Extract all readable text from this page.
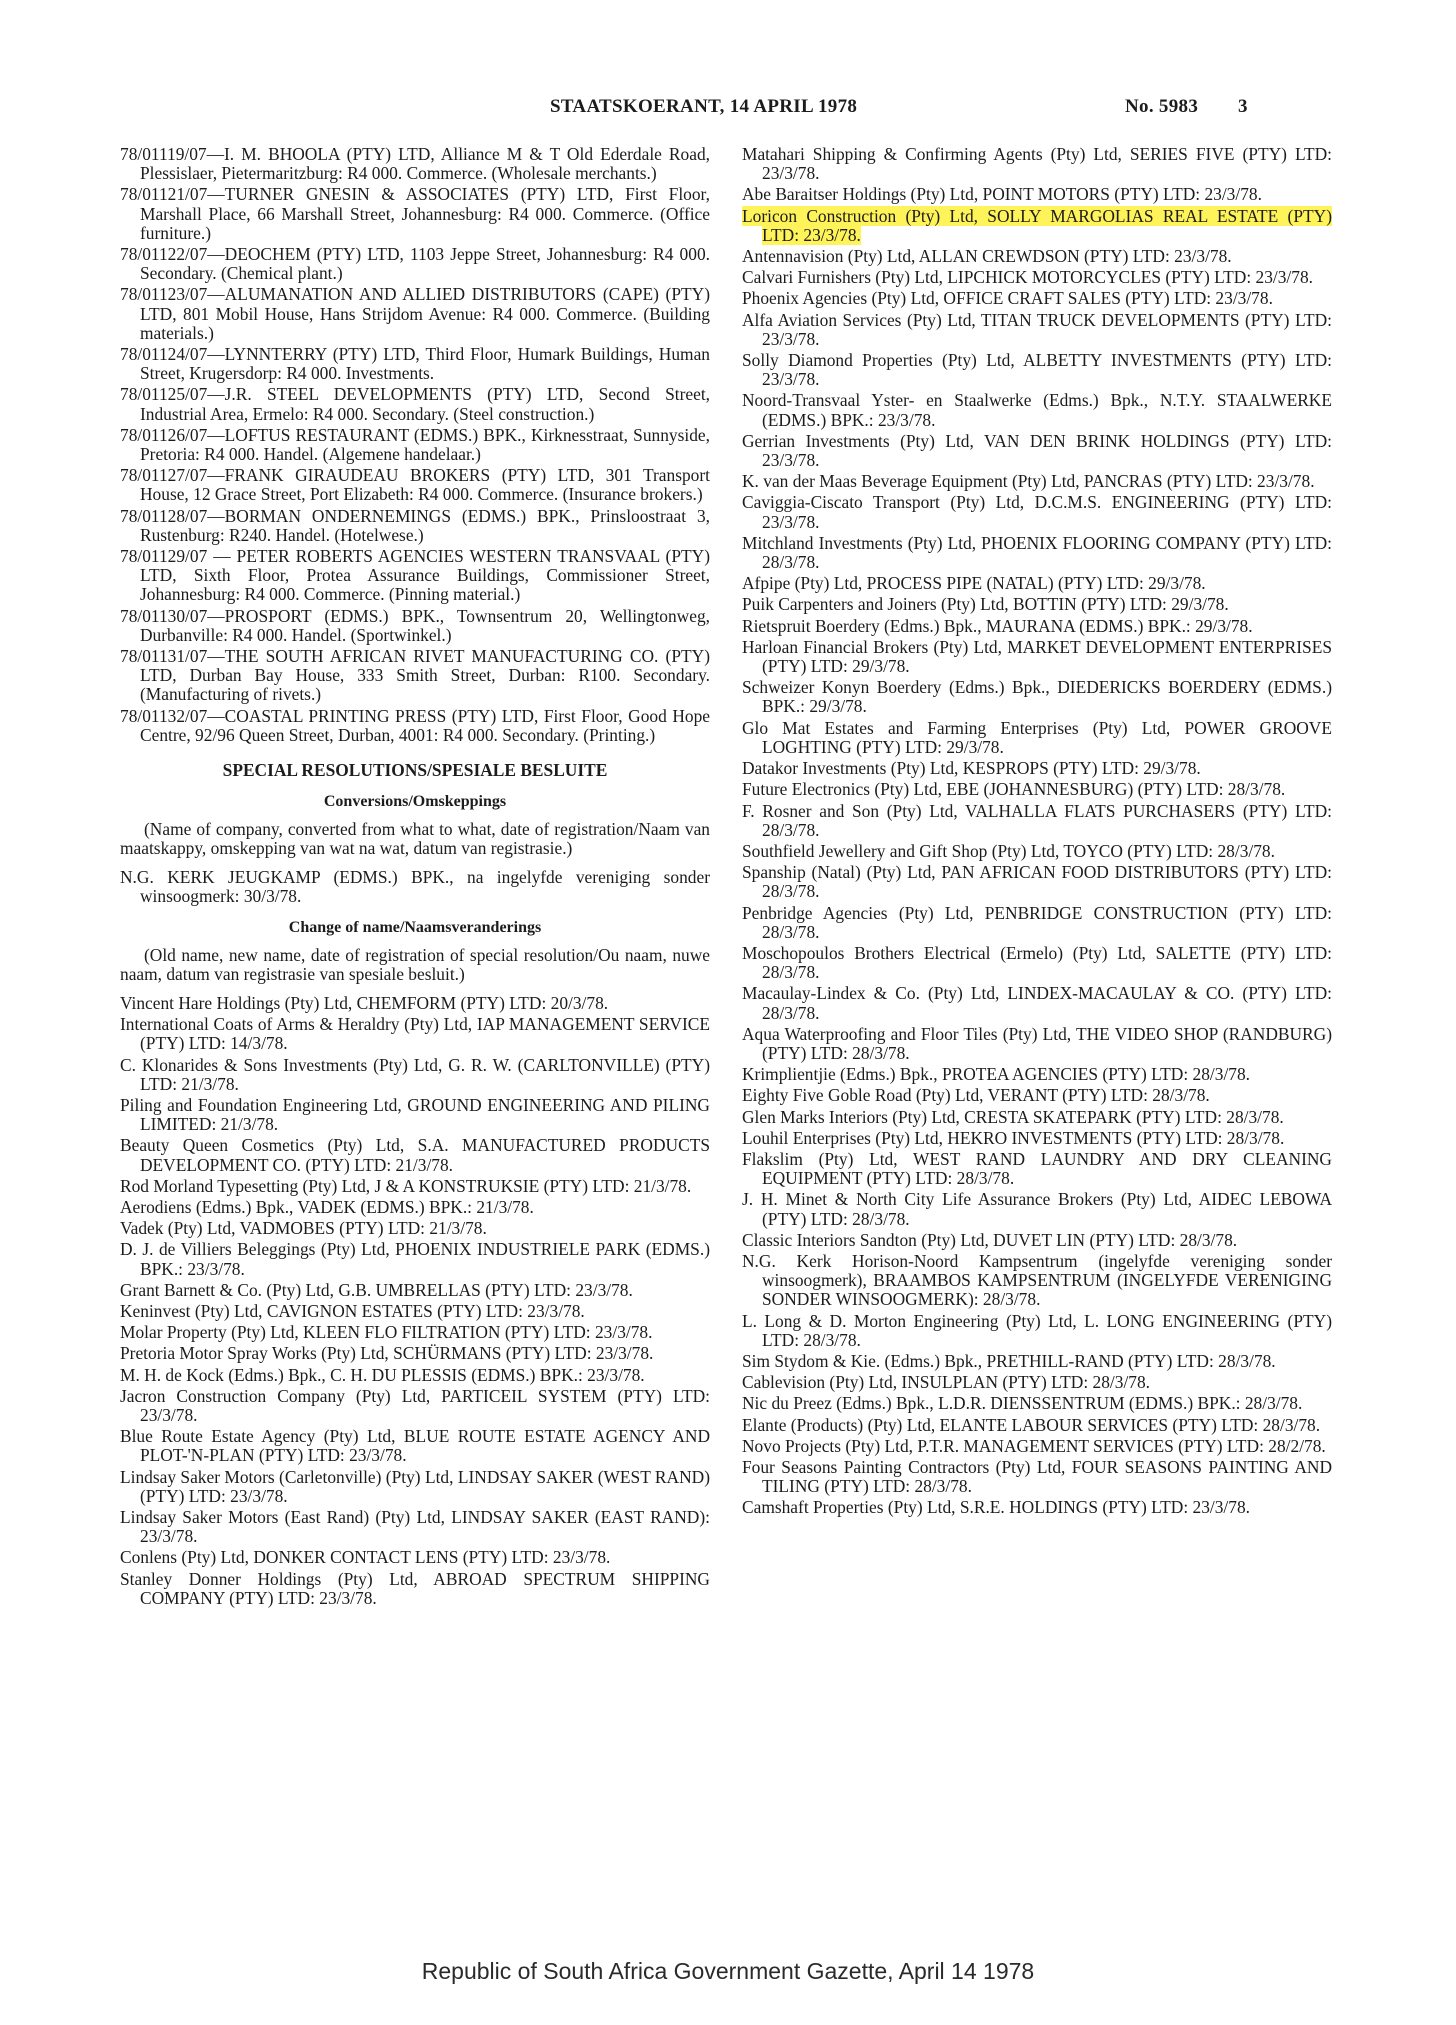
STAATSKOERANT, 14 APRIL 1978	No. 5983 3
78/01119/07—I. M. BHOOLA (PTY) LTD, Alliance M & T Old Ederdale Road, Plessislaer, Pietermaritzburg: R4 000. Commerce. (Wholesale merchants.)
78/01121/07—TURNER GNESIN & ASSOCIATES (PTY) LTD, First Floor, Marshall Place, 66 Marshall Street, Johannesburg: R4 000. Commerce. (Office furniture.)
78/01122/07—DEOCHEM (PTY) LTD, 1103 Jeppe Street, Johannesburg: R4 000. Secondary. (Chemical plant.)
78/01123/07—ALUMANATION AND ALLIED DISTRIBUTORS (CAPE) (PTY) LTD, 801 Mobil House, Hans Strijdom Avenue: R4 000. Commerce. (Building materials.)
78/01124/07—LYNNTERRY (PTY) LTD, Third Floor, Humark Buildings, Human Street, Krugersdorp: R4 000. Investments.
78/01125/07—J.R. STEEL DEVELOPMENTS (PTY) LTD, Second Street, Industrial Area, Ermelo: R4 000. Secondary. (Steel construction.)
78/01126/07—LOFTUS RESTAURANT (EDMS.) BPK., Kirknesstraat, Sunnyside, Pretoria: R4 000. Handel. (Algemene handelaar.)
78/01127/07—FRANK GIRAUDEAU BROKERS (PTY) LTD, 301 Transport House, 12 Grace Street, Port Elizabeth: R4 000. Commerce. (Insurance brokers.)
78/01128/07—BORMAN ONDERNEMINGS (EDMS.) BPK., Prinsloostraat 3, Rustenburg: R240. Handel. (Hotelwese.)
78/01129/07 — PETER ROBERTS AGENCIES WESTERN TRANSVAAL (PTY) LTD, Sixth Floor, Protea Assurance Buildings, Commissioner Street, Johannesburg: R4 000. Commerce. (Pinning material.)
78/01130/07—PROSPORT (EDMS.) BPK., Townsentrum 20, Wellingtonweg, Durbanville: R4 000. Handel. (Sportwinkel.)
78/01131/07—THE SOUTH AFRICAN RIVET MANUFACTURING CO. (PTY) LTD, Durban Bay House, 333 Smith Street, Durban: R100. Secondary. (Manufacturing of rivets.)
78/01132/07—COASTAL PRINTING PRESS (PTY) LTD, First Floor, Good Hope Centre, 92/96 Queen Street, Durban, 4001: R4 000. Secondary. (Printing.)
SPECIAL RESOLUTIONS/SPESIALE BESLUITE
Conversions/Omskeppings
(Name of company, converted from what to what, date of registration/Naam van maatskappy, omskepping van wat na wat, datum van registrasie.)
N.G. KERK JEUGKAMP (EDMS.) BPK., na ingelyfde vereniging sonder winsoogmerk: 30/3/78.
Change of name/Naamsveranderings
(Old name, new name, date of registration of special resolution/Ou naam, nuwe naam, datum van registrasie van spesiale besluit.)
Vincent Hare Holdings (Pty) Ltd, CHEMFORM (PTY) LTD: 20/3/78.
International Coats of Arms & Heraldry (Pty) Ltd, IAP MANAGEMENT SERVICE (PTY) LTD: 14/3/78.
C. Klonarides & Sons Investments (Pty) Ltd, G. R. W. (CARLTONVILLE) (PTY) LTD: 21/3/78.
Piling and Foundation Engineering Ltd, GROUND ENGINEERING AND PILING LIMITED: 21/3/78.
Beauty Queen Cosmetics (Pty) Ltd, S.A. MANUFACTURED PRODUCTS DEVELOPMENT CO. (PTY) LTD: 21/3/78.
Rod Morland Typesetting (Pty) Ltd, J & A KONSTRUKSIE (PTY) LTD: 21/3/78.
Aerodiens (Edms.) Bpk., VADEK (EDMS.) BPK.: 21/3/78.
Vadek (Pty) Ltd, VADMOBES (PTY) LTD: 21/3/78.
D. J. de Villiers Beleggings (Pty) Ltd, PHOENIX INDUSTRIELE PARK (EDMS.) BPK.: 23/3/78.
Grant Barnett & Co. (Pty) Ltd, G.B. UMBRELLAS (PTY) LTD: 23/3/78.
Keninvest (Pty) Ltd, CAVIGNON ESTATES (PTY) LTD: 23/3/78.
Molar Property (Pty) Ltd, KLEEN FLO FILTRATION (PTY) LTD: 23/3/78.
Pretoria Motor Spray Works (Pty) Ltd, SCHÜRMANS (PTY) LTD: 23/3/78.
M. H. de Kock (Edms.) Bpk., C. H. DU PLESSIS (EDMS.) BPK.: 23/3/78.
Jacron Construction Company (Pty) Ltd, PARTICEIL SYSTEM (PTY) LTD: 23/3/78.
Blue Route Estate Agency (Pty) Ltd, BLUE ROUTE ESTATE AGENCY AND PLOT-'N-PLAN (PTY) LTD: 23/3/78.
Lindsay Saker Motors (Carletonville) (Pty) Ltd, LINDSAY SAKER (WEST RAND) (PTY) LTD: 23/3/78.
Lindsay Saker Motors (East Rand) (Pty) Ltd, LINDSAY SAKER (EAST RAND): 23/3/78.
Conlens (Pty) Ltd, DONKER CONTACT LENS (PTY) LTD: 23/3/78.
Stanley Donner Holdings (Pty) Ltd, ABROAD SPECTRUM SHIPPING COMPANY (PTY) LTD: 23/3/78.
Matahari Shipping & Confirming Agents (Pty) Ltd, SERIES FIVE (PTY) LTD: 23/3/78.
Abe Baraitser Holdings (Pty) Ltd, POINT MOTORS (PTY) LTD: 23/3/78.
Loricon Construction (Pty) Ltd, SOLLY MARGOLIAS REAL ESTATE (PTY) LTD: 23/3/78.
Antennavision (Pty) Ltd, ALLAN CREWDSON (PTY) LTD: 23/3/78.
Calvari Furnishers (Pty) Ltd, LIPCHICK MOTORCYCLES (PTY) LTD: 23/3/78.
Phoenix Agencies (Pty) Ltd, OFFICE CRAFT SALES (PTY) LTD: 23/3/78.
Alfa Aviation Services (Pty) Ltd, TITAN TRUCK DEVELOPMENTS (PTY) LTD: 23/3/78.
Solly Diamond Properties (Pty) Ltd, ALBETTY INVESTMENTS (PTY) LTD: 23/3/78.
Noord-Transvaal Yster- en Staalwerke (Edms.) Bpk., N.T.Y. STAALWERKE (EDMS.) BPK.: 23/3/78.
Gerrian Investments (Pty) Ltd, VAN DEN BRINK HOLDINGS (PTY) LTD: 23/3/78.
K. van der Maas Beverage Equipment (Pty) Ltd, PANCRAS (PTY) LTD: 23/3/78.
Caviggia-Ciscato Transport (Pty) Ltd, D.C.M.S. ENGINEERING (PTY) LTD: 23/3/78.
Mitchland Investments (Pty) Ltd, PHOENIX FLOORING COMPANY (PTY) LTD: 28/3/78.
Afpipe (Pty) Ltd, PROCESS PIPE (NATAL) (PTY) LTD: 29/3/78.
Puik Carpenters and Joiners (Pty) Ltd, BOTTIN (PTY) LTD: 29/3/78.
Rietspruit Boerdery (Edms.) Bpk., MAURANA (EDMS.) BPK.: 29/3/78.
Harloan Financial Brokers (Pty) Ltd, MARKET DEVELOPMENT ENTERPRISES (PTY) LTD: 29/3/78.
Schweizer Konyn Boerdery (Edms.) Bpk., DIEDERICKS BOERDERY (EDMS.) BPK.: 29/3/78.
Glo Mat Estates and Farming Enterprises (Pty) Ltd, POWER GROOVE LOGHTING (PTY) LTD: 29/3/78.
Datakor Investments (Pty) Ltd, KESPROPS (PTY) LTD: 29/3/78.
Future Electronics (Pty) Ltd, EBE (JOHANNESBURG) (PTY) LTD: 28/3/78.
F. Rosner and Son (Pty) Ltd, VALHALLA FLATS PURCHASERS (PTY) LTD: 28/3/78.
Southfield Jewellery and Gift Shop (Pty) Ltd, TOYCO (PTY) LTD: 28/3/78.
Spanship (Natal) (Pty) Ltd, PAN AFRICAN FOOD DISTRIBUTORS (PTY) LTD: 28/3/78.
Penbridge Agencies (Pty) Ltd, PENBRIDGE CONSTRUCTION (PTY) LTD: 28/3/78.
Moschopoulos Brothers Electrical (Ermelo) (Pty) Ltd, SALETTE (PTY) LTD: 28/3/78.
Macaulay-Lindex & Co. (Pty) Ltd, LINDEX-MACAULAY & CO. (PTY) LTD: 28/3/78.
Aqua Waterproofing and Floor Tiles (Pty) Ltd, THE VIDEO SHOP (RANDBURG) (PTY) LTD: 28/3/78.
Krimplientjie (Edms.) Bpk., PROTEA AGENCIES (PTY) LTD: 28/3/78.
Eighty Five Goble Road (Pty) Ltd, VERANT (PTY) LTD: 28/3/78.
Glen Marks Interiors (Pty) Ltd, CRESTA SKATEPARK (PTY) LTD: 28/3/78.
Louhil Enterprises (Pty) Ltd, HEKRO INVESTMENTS (PTY) LTD: 28/3/78.
Flakslim (Pty) Ltd, WEST RAND LAUNDRY AND DRY CLEANING EQUIPMENT (PTY) LTD: 28/3/78.
J. H. Minet & North City Life Assurance Brokers (Pty) Ltd, AIDEC LEBOWA (PTY) LTD: 28/3/78.
Classic Interiors Sandton (Pty) Ltd, DUVET LIN (PTY) LTD: 28/3/78.
N.G. Kerk Horison-Noord Kampsentrum (ingelyfde vereniging sonder winsoogmerk), BRAAMBOS KAMPSENTRUM (INGELYFDE VERENIGING SONDER WINSOOGMERK): 28/3/78.
L. Long & D. Morton Engineering (Pty) Ltd, L. LONG ENGINEERING (PTY) LTD: 28/3/78.
Sim Stydom & Kie. (Edms.) Bpk., PRETHILL-RAND (PTY) LTD: 28/3/78.
Cablevision (Pty) Ltd, INSULPLAN (PTY) LTD: 28/3/78.
Nic du Preez (Edms.) Bpk., L.D.R. DIENSSENTRUM (EDMS.) BPK.: 28/3/78.
Elante (Products) (Pty) Ltd, ELANTE LABOUR SERVICES (PTY) LTD: 28/3/78.
Novo Projects (Pty) Ltd, P.T.R. MANAGEMENT SERVICES (PTY) LTD: 28/2/78.
Four Seasons Painting Contractors (Pty) Ltd, FOUR SEASONS PAINTING AND TILING (PTY) LTD: 28/3/78.
Camshaft Properties (Pty) Ltd, S.R.E. HOLDINGS (PTY) LTD: 23/3/78.
Republic of South Africa Government Gazette, April 14 1978
